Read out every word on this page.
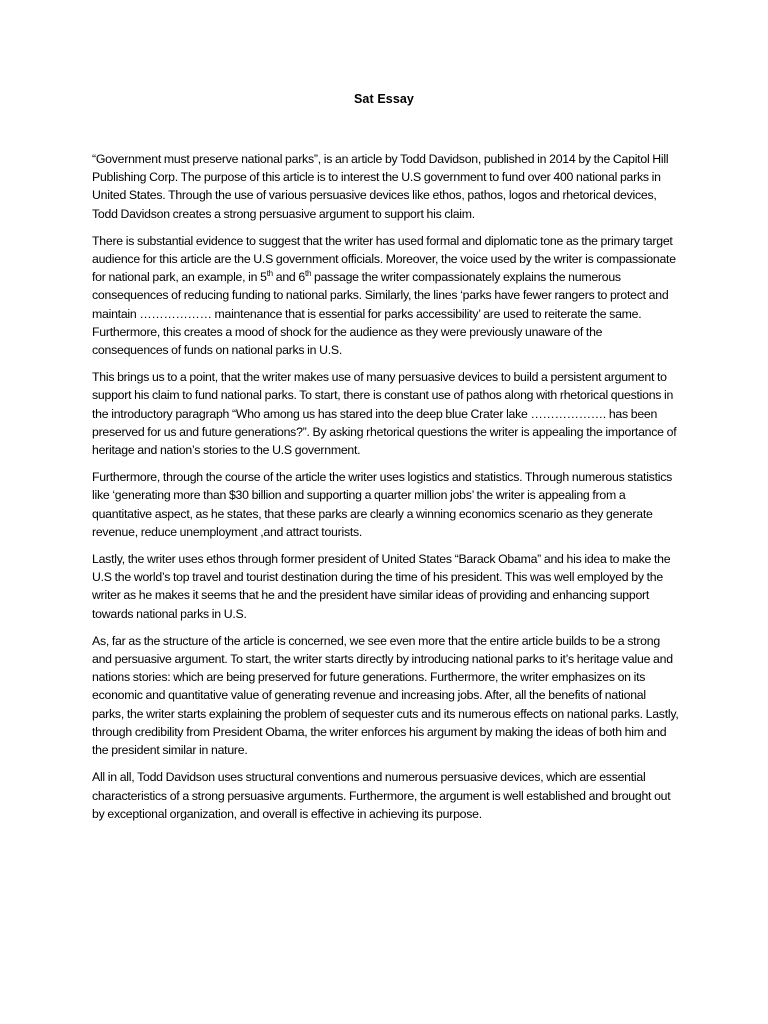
Sat Essay

“Government must preserve national parks”, is an article by Todd Davidson, published in 2014 by the Capitol Hill Publishing Corp. The purpose of this article is to interest the U.S government to fund over 400 national parks in United States. Through the use of various persuasive devices like ethos, pathos, logos and rhetorical devices, Todd Davidson creates a strong persuasive argument to support his claim.

There is substantial evidence to suggest that the writer has used formal and diplomatic tone as the primary target audience for this article are the U.S government officials. Moreover, the voice used by the writer is compassionate for national park, an example, in 5th and 6th passage the writer compassionately explains the numerous consequences of reducing funding to national parks. Similarly, the lines ‘parks have fewer rangers to protect and maintain ……………… maintenance that is essential for parks accessibility’ are used to reiterate the same. Furthermore, this creates a mood of shock for the audience as they were previously unaware of the consequences of funds on national parks in U.S.

This brings us to a point, that the writer makes use of many persuasive devices to build a persistent argument to support his claim to fund national parks. To start, there is constant use of pathos along with rhetorical questions in the introductory paragraph “Who among us has stared into the deep blue Crater lake ………………. has been preserved for us and future generations?”. By asking rhetorical questions the writer is appealing the importance of heritage and nation’s stories to the U.S government.

Furthermore, through the course of the article the writer uses logistics and statistics. Through numerous statistics like ‘generating more than $30 billion and supporting a quarter million jobs’ the writer is appealing from a quantitative aspect, as he states, that these parks are clearly a winning economics scenario as they generate revenue, reduce unemployment ,and attract tourists.

Lastly, the writer uses ethos through former president of United States “Barack Obama” and his idea to make the U.S the world’s top travel and tourist destination during the time of his president. This was well employed by the writer as he makes it seems that he and the president have similar ideas of providing and enhancing support towards national parks in U.S.

As, far as the structure of the article is concerned, we see even more that the entire article builds to be a strong and persuasive argument. To start, the writer starts directly by introducing national parks to it’s heritage value and nations stories: which are being preserved for future generations. Furthermore, the writer emphasizes on its economic and quantitative value of generating revenue and increasing jobs. After, all the benefits of national parks, the writer starts explaining the problem of sequester cuts and its numerous effects on national parks. Lastly, through credibility from President Obama, the writer enforces his argument by making the ideas of both him and the president similar in nature.

All in all, Todd Davidson uses structural conventions and numerous persuasive devices, which are essential characteristics of a strong persuasive arguments. Furthermore, the argument is well established and brought out by exceptional organization, and overall is effective in achieving its purpose.
